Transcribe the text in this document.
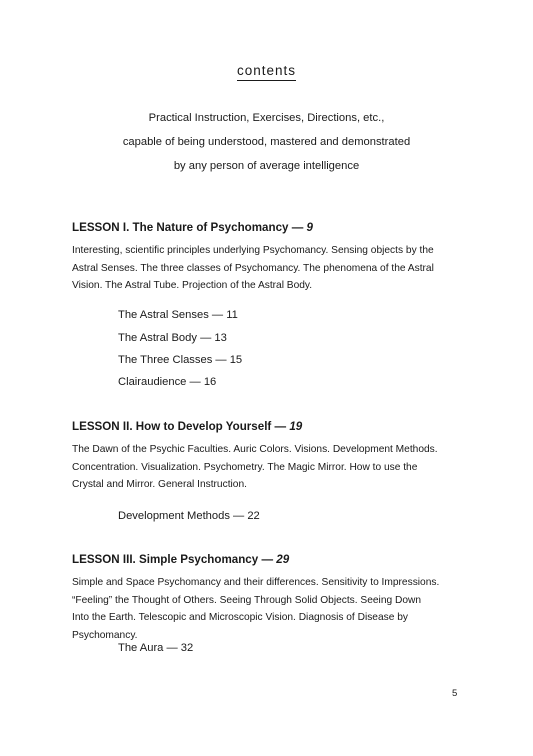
contents
Practical Instruction, Exercises, Directions, etc.,
capable of being understood, mastered and demonstrated
by any person of average intelligence
LESSON I. The Nature of Psychomancy — 9
Interesting, scientific principles underlying Psychomancy. Sensing objects by the
Astral Senses. The three classes of Psychomancy. The phenomena of the Astral
Vision. The Astral Tube. Projection of the Astral Body.
The Astral Senses — 11
The Astral Body — 13
The Three Classes — 15
Clairaudience — 16
LESSON II. How to Develop Yourself — 19
The Dawn of the Psychic Faculties. Auric Colors. Visions. Development Methods.
Concentration. Visualization. Psychometry. The Magic Mirror. How to use the
Crystal and Mirror. General Instruction.
Development Methods — 22
LESSON III. Simple Psychomancy — 29
Simple and Space Psychomancy and their differences. Sensitivity to Impressions.
“Feeling” the Thought of Others. Seeing Through Solid Objects. Seeing Down
Into the Earth. Telescopic and Microscopic Vision. Diagnosis of Disease by
Psychomancy.
The Aura — 32
5
